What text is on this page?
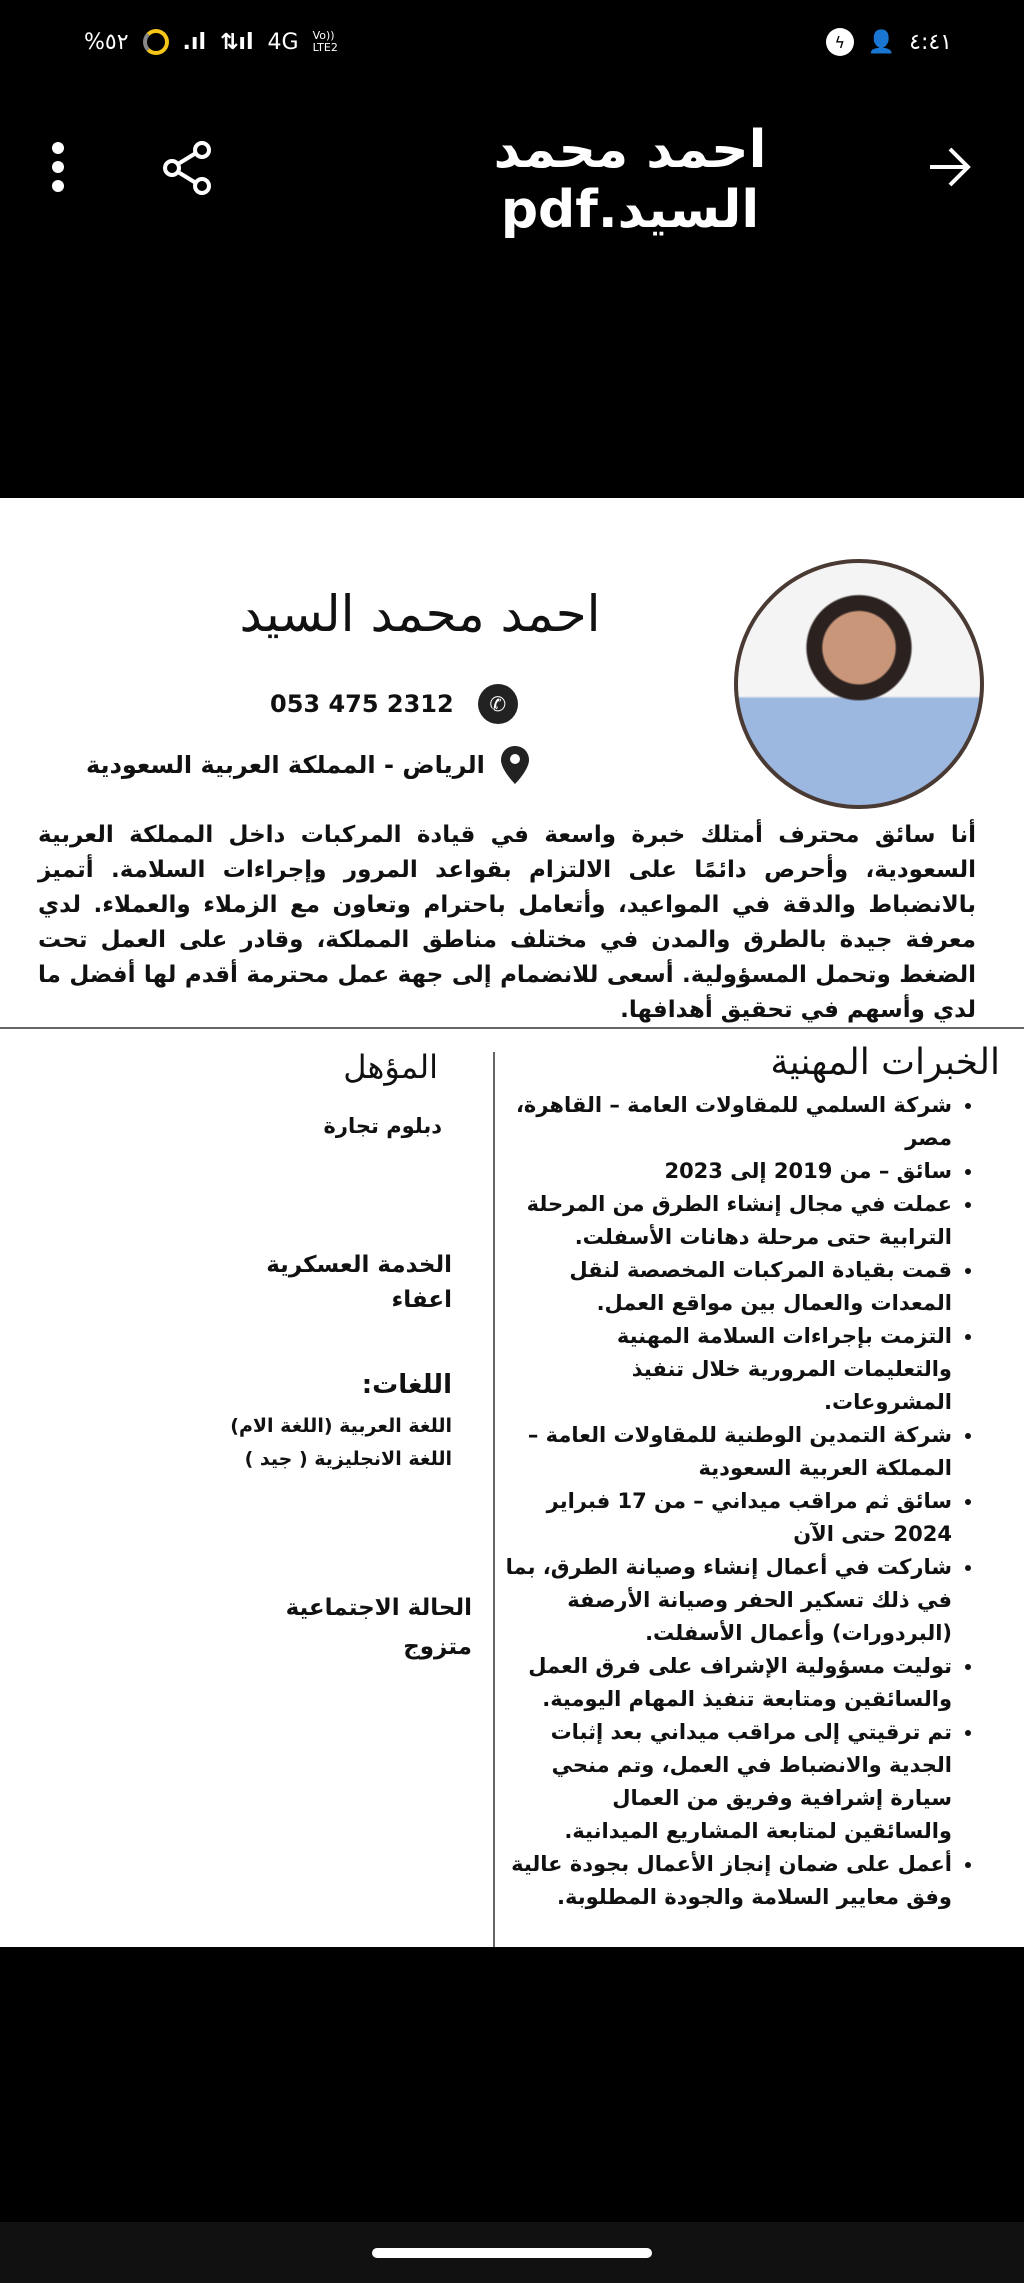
%٥٢ .ıl ⇅ıl 4G Vo)) LTE2	ϟ	👤 ٤:٤١
احمد محمد السيد.pdf
احمد محمد السيد
053 475 2312	✆
الرياض - المملكة العربية السعودية
أنا سائق محترف أمتلك خبرة واسعة في قيادة المركبات داخل المملكة العربية السعودية، وأحرص دائمًا على الالتزام بقواعد المرور وإجراءات السلامة. أتميز بالانضباط والدقة في المواعيد، وأتعامل باحترام وتعاون مع الزملاء والعملاء. لدي معرفة جيدة بالطرق والمدن في مختلف مناطق المملكة، وقادر على العمل تحت الضغط وتحمل المسؤولية. أسعى للانضمام إلى جهة عمل محترمة أقدم لها أفضل ما لدي وأسهم في تحقيق أهدافها.
الخبرات المهنية
• شركة السلمي للمقاولات العامة – القاهرة، مصر
• سائق – من 2019 إلى 2023
• عملت في مجال إنشاء الطرق من المرحلة الترابية حتى مرحلة دهانات الأسفلت.
• قمت بقيادة المركبات المخصصة لنقل المعدات والعمال بين مواقع العمل.
• التزمت بإجراءات السلامة المهنية والتعليمات المرورية خلال تنفيذ المشروعات.
• شركة التمدين الوطنية للمقاولات العامة – المملكة العربية السعودية
• سائق ثم مراقب ميداني – من 17 فبراير 2024 حتى الآن
• شاركت في أعمال إنشاء وصيانة الطرق، بما في ذلك تسكير الحفر وصيانة الأرصفة (البردورات) وأعمال الأسفلت.
• توليت مسؤولية الإشراف على فرق العمل والسائقين ومتابعة تنفيذ المهام اليومية.
• تم ترقيتي إلى مراقب ميداني بعد إثبات الجدية والانضباط في العمل، وتم منحي سيارة إشرافية وفريق من العمال والسائقين لمتابعة المشاريع الميدانية.
• أعمل على ضمان إنجاز الأعمال بجودة عالية وفق معايير السلامة والجودة المطلوبة.
المؤهل
دبلوم تجارة
الخدمة العسكرية
اعفاء
اللغات:
اللغة العربية (اللغة الام)
اللغة الانجليزية ( جيد )
الحالة الاجتماعية
متزوج
